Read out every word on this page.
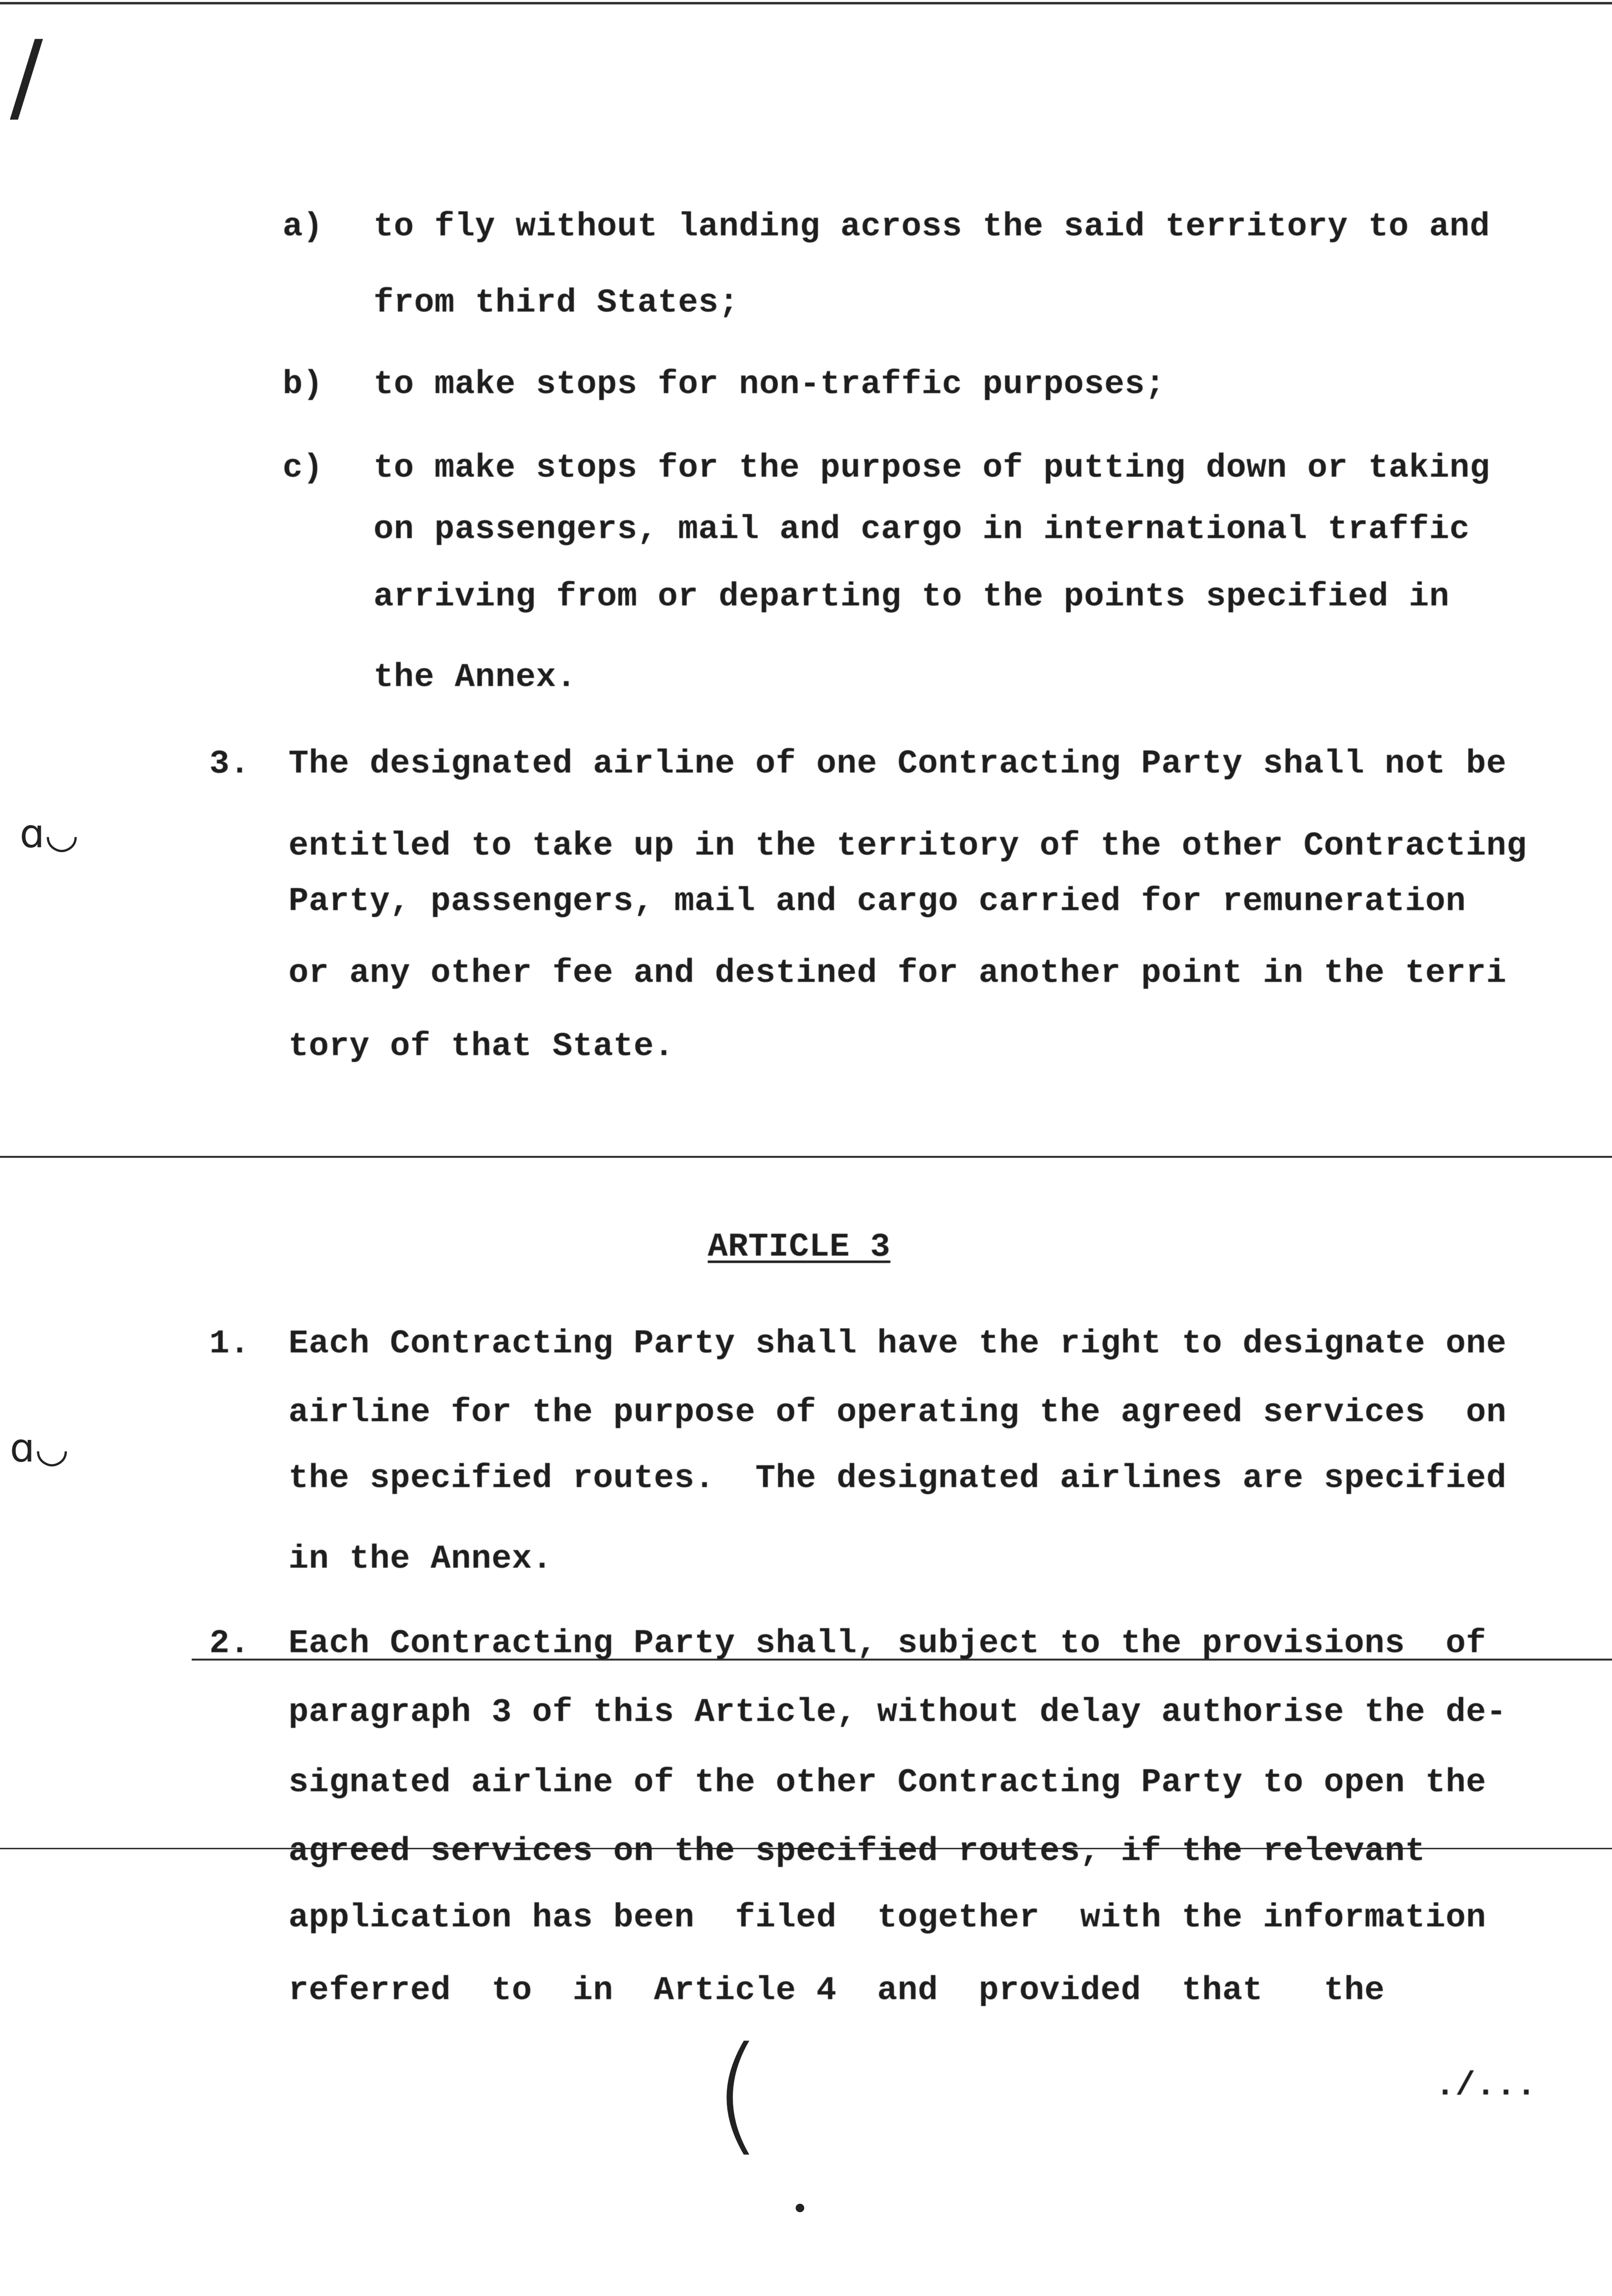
/
a) to fly without landing across the said territory to and
from third States;
b) to make stops for non-traffic purposes;
c) to make stops for the purpose of putting down or taking
on passengers, mail and cargo in international traffic
arriving from or departing to the points specified in
the Annex.
ɑ◡
3. The designated airline of one Contracting Party shall not be
entitled to take up in the territory of the other Contracting
Party, passengers, mail and cargo carried for remuneration
or any other fee and destined for another point in the terri
tory of that State.
ARTICLE 3
ɑ◡
1. Each Contracting Party shall have the right to designate one
airline for the purpose of operating the agreed services  on
the specified routes.  The designated airlines are specified
in the Annex.
2. Each Contracting Party shall, subject to the provisions  of
paragraph 3 of this Article, without delay authorise the de-
signated airline of the other Contracting Party to open the
agreed services on the specified routes, if the relevant
application has been  filed  together  with the information
referred  to  in  Article 4  and  provided  that   the
(	./...
•
